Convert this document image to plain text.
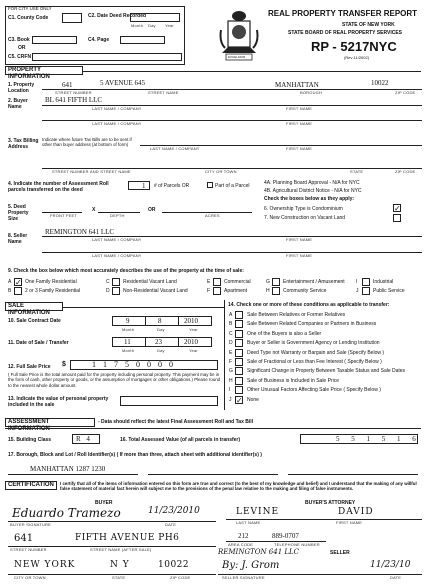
FOR CITY USE ONLY
C1. County Code	C2. Date Deed Recorded
Month Day Year
C3. Book
OR
C4. Page
C5. CRFN	EXCELSIOR
REAL PROPERTY TRANSFER REPORT
STATE OF NEW YORK
STATE BOARD OF REAL PROPERTY SERVICES
RP - 5217NYC
(Rev 11/2002)
PROPERTY INFORMATION
1. Property Location
641	5 AVENUE 645	MANHATTAN	10022
STREET NUMBER	STREET NAME	BOROUGH	ZIP CODE
2. Buyer Name
BL 641 FIFTH LLC
LAST NAME / COMPANY	FIRST NAME
LAST NAME / COMPANY	FIRST NAME
3. Tax Billing Address
Indicate where future Tax Bills are to be sent if other than buyer address (at bottom of form)
LAST NAME / COMPANY	FIRST NAME
STREET NUMBER AND STREET NAME	CITY OR TOWN	STATE	ZIP CODE
4. Indicate the number of Assessment Roll parcels transferred on the deed	1 # of Parcels OR	Part of a Parcel	4A. Planning Board Approval - N/A for NYC
4B. Agricultural District Notice - N/A for NYC
5. Deed Property Size
X	OR
FRONT FEET	DEPTH	ACRES
Check the boxes below as they apply:
6. Ownership Type is Condominium	✓
7. New Construction on Vacant Land
8. Seller Name
REMINGTON 641 LLC
LAST NAME / COMPANY	FIRST NAME
LAST NAME / COMPANY	FIRST NAME
9. Check the box below which most accurately describes the use of the property at the time of sale:
A ✓ One Family Residential
B	2 or 3 Family Residential
C	Residential Vacant Land
D	Non-Residential Vacant Land
E	Commercial
F	Apartment
G	Entertainment / Amusement
H	Community Service
I	Industrial
J	Public Service
SALE INFORMATION
10. Sale Contract Date	9	8	2010
Month	Day	Year
11. Date of Sale / Transfer	11	23	2010
Month	Day	Year
12. Full Sale Price $	1 1 7 5 0 0 0 0
( Full Sale Price is the total amount paid for the property including personal property. This payment may be in the form of cash, other property or goods, or the assumption of mortgages or other obligations.) Please round to the nearest whole dollar amount.
13. Indicate the value of personal property included in the sale
14. Check one or more of these conditions as applicable to transfer:
A	Sale Between Relatives or Former Relatives
B	Sale Between Related Companies or Partners in Business
C	One of the Buyers is also a Seller
D	Buyer or Seller is Government Agency or Lending Institution
E	Deed Type not Warranty or Bargain and Sale (Specify Below )
F	Sale of Fractional or Less than Fee Interest ( Specify Below )
G	Significant Change in Property Between Taxable Status and Sale Dates
H	Sale of Business is Included in Sale Price
I	Other Unusual Factors Affecting Sale Price ( Specify Below )
J ✓ None
ASSESSMENT INFORMATION
- Data should reflect the latest Final Assessment Roll and Tax Bill
15. Building Class	R 4	16. Total Assessed Value (of all parcels in transfer)	5 5 1 5 1 6
17. Borough, Block and Lot / Roll Identifier(s) ( If more than three, attach sheet with additional identifier(s) )
MANHATTAN 1287 1230
CERTIFICATION	I certify that all of the items of information entered on this form are true and correct (to the best of my knowledge and belief) and I understand that the making of any willful false statement of material fact herein will subject me to the provisions of the penal law relative to the making and filing of false instruments.
BUYER	BUYER'S ATTORNEY
Eduardo Tramezo	11/23/2010
BUYER SIGNATURE	DATE
LEVINE	DAVID
LAST NAME	FIRST NAME
641	FIFTH AVENUE PH6
STREET NUMBER	STREET NAME (AFTER SALE)
212	889-0707
AREA CODE	TELEPHONE NUMBER
REMINGTON 641 LLC	SELLER
NEW YORK	N Y	10022
CITY OR TOWN	STATE	ZIP CODE
By: J. Grom	11/23/10
SELLER SIGNATURE	DATE
